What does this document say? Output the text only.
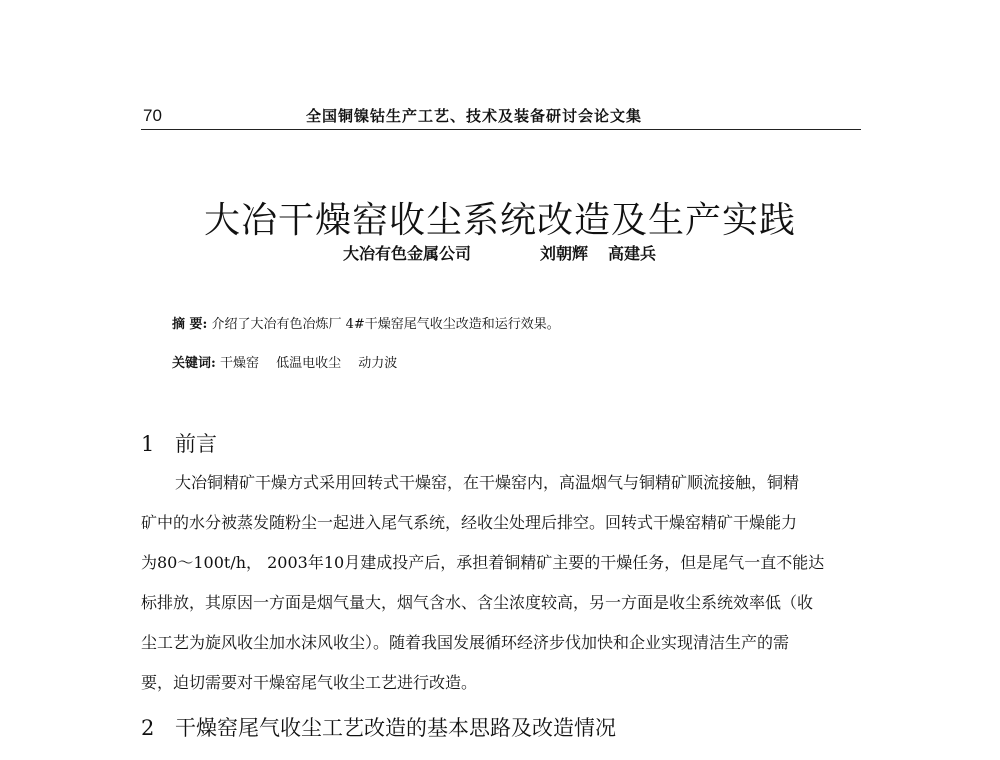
70	全国铜镍钴生产工艺、技术及装备研讨会论文集
大冶干燥窑收尘系统改造及生产实践
大冶有色金属公司	刘朝辉 高建兵
摘 要: 介绍了大冶有色冶炼厂 4#干燥窑尾气收尘改造和运行效果。
关键词: 干燥窑 低温电收尘 动力波
1 前言
大冶铜精矿干燥方式采用回转式干燥窑，在干燥窑内，高温烟气与铜精矿顺流接触，铜精
矿中的水分被蒸发随粉尘一起进入尾气系统，经收尘处理后排空。回转式干燥窑精矿干燥能力
为80～100t/h， 2003年10月建成投产后，承担着铜精矿主要的干燥任务，但是尾气一直不能达
标排放，其原因一方面是烟气量大，烟气含水、含尘浓度较高，另一方面是收尘系统效率低（收
尘工艺为旋风收尘加水沫风收尘）。随着我国发展循环经济步伐加快和企业实现清洁生产的需
要，迫切需要对干燥窑尾气收尘工艺进行改造。
2 干燥窑尾气收尘工艺改造的基本思路及改造情况
